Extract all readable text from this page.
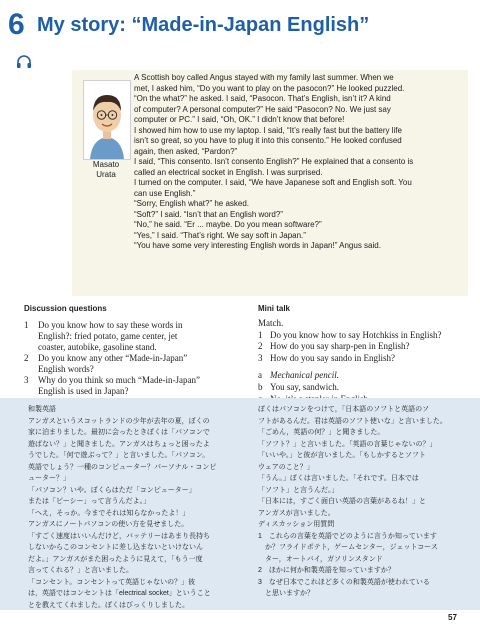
6 My story: “Made-in-Japan English”
Masato
Urata

A Scottish boy called Angus stayed with my family last summer. When we

met, I asked him, “Do you want to play on the pasocon?” He looked puzzled.

“On the what?” he asked. I said, “Pasocon. That’s English, isn’t it? A kind

of computer? A personal computer?” He said “Pasocon? No. We just say

computer or PC.” I said, “Oh, OK.” I didn’t know that before!

I showed him how to use my laptop. I said, “It’s really fast but the battery life

isn’t so great, so you have to plug it into this consento.” He looked confused

again, then asked, “Pardon?”

I said, “This consento. Isn’t consento English?” He explained that a consento is

called an electrical socket in English. I was surprised.

I turned on the computer. I said, “We have Japanese soft and English soft. You

can use English.”

“Sorry, English what?” he asked.

“Soft?” I said. “Isn’t that an English word?”

“No,” he said. “Er ... maybe. Do you mean software?”

“Yes,” I said. “That’s right. We say soft in Japan.”

“You have some very interesting English words in Japan!” Angus said.

Discussion questions
1	Do you know how to say these words in
English?: fried potato, game center, jet
coaster, autobike, gasoline stand.
2	Do you know any other “Made-in-Japan”
English words?
3	Why do you think so much “Made-in-Japan”
English is used in Japan?
Mini talk
Match.
1 Do you know how to say Hotchkiss in English?
2 How do you say sharp-pen in English?
3 How do you say sando in English?
a Mechanical pencil.
b You say, sandwich.

和製英語

アンガスというスコットランドの少年が去年の夏，ぼくの

家に泊まりました。最初に会ったときぼくは「パソコンで

遊ばない？」と聞きました。アンガスはちょっと困ったよ

うでした。「何で遊ぶって？」と言いました。「パソコン。

英語でしょう？一種のコンピューター？パーソナル・コンピ

ューター？」

「パソコン？いや。ぼくらはただ「コンピューター」

または「ピーシー」って言うんだよ。」

「へえ，そっか。今までそれは知らなかったよ！」

アンガスにノートパソコンの使い方を見せました。

「すごく速度はいいんだけど，バッテリーはあまり長持ち

しないからこのコンセントに差し込まないといけないん

だよ。」アンガスがまた困ったように見えて，「もう一度

言ってくれる？」と言いました。

「コンセント。コンセントって英語じゃないの？」彼

は，英語ではコンセントは「electrical socket」ということ

とを教えてくれました。ぼくはびっくりしました。

ぼくはパソコンをつけて，「日本語のソフトと英語のソ

フトがあるんだ。君は英語のソフト使いな」と言いました。

「ごめん，英語の何？」と聞きました。

「ソフト？」と言いました。「英語の言葉じゃないの？」

「いいや。」と彼が言いました。「もしかするとソフト

ウェアのこと？」

「うん。」ぼくは言いました。「それです。日本では

「ソフト」と言うんだ。」

「日本には，すごく面白い英語の言葉があるね！」と

アンガスが言いました。

ディスカッション用質問

1　これらの言葉を英語でどのように言うか知っています

　か？フライドポテト，ゲームセンター，ジェットコース

　ター，オートバイ，ガソリンスタンド

2　ほかに何か和製英語を知っていますか？

3　なぜ日本でこれほど多くの和製英語が使われている

　と思いますか？

57
